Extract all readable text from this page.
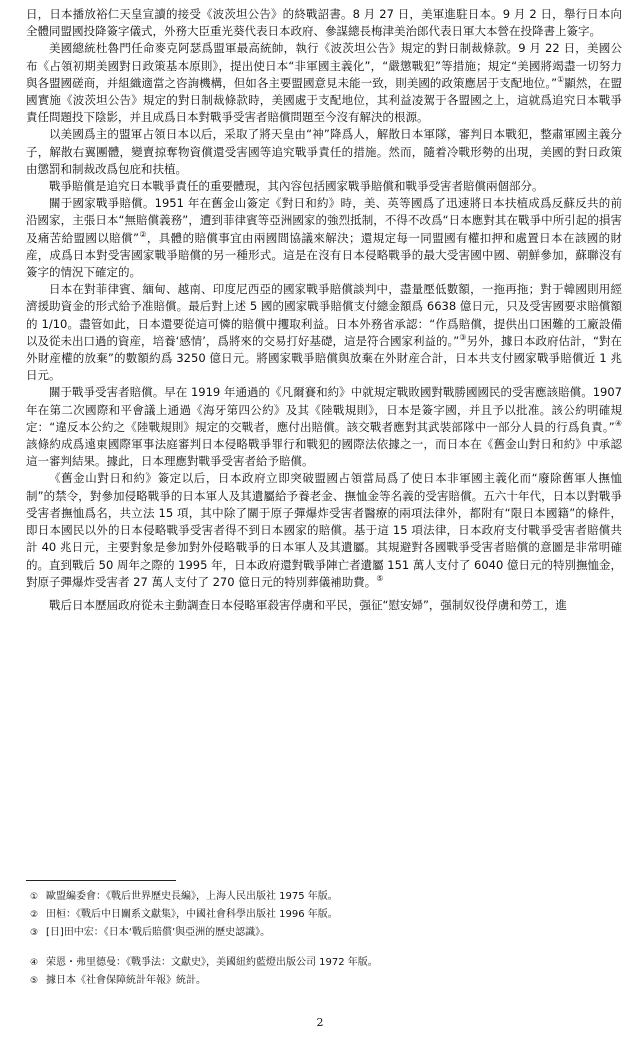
日，日本播放裕仁天皇宣讀的接受《波茨坦公告》的終戰詔書。8 月 27 日，美軍進駐日本。9 月 2 日，舉行日本向全體同盟國投降簽字儀式，外務大臣重光葵代表日本政府、參謀總長梅津美治郎代表日軍大本營在投降書上簽字。

美國總統杜魯門任命麥克阿瑟爲盟軍最高統帥，執行《波茨坦公告》規定的對日制裁條款。9 月 22 日，美國公布《占領初期美國對日政策基本原則》，提出使日本“非軍國主義化”，“嚴懲戰犯”等措施；規定“美國將竭盡一切努力與各盟國磋商，并組織適當之咨詢機構，但如各主要盟國意見未能一致，則美國的政策應居于支配地位。”①顯然，在盟國實施《波茨坦公告》規定的對日制裁條款時，美國處于支配地位，其利益凌駕于各盟國之上，這就爲追究日本戰爭責任問題投下陰影，并且成爲日本對戰爭受害者賠償問題至今沒有解決的根源。

以美國爲主的盟軍占領日本以后，采取了將天皇由“神”降爲人，解散日本軍隊，審判日本戰犯，整肅軍國主義分子，解散右翼團體，變賣掠奪物資償還受害國等追究戰爭責任的措施。然而，隨着冷戰形勢的出現，美國的對日政策由懲罰和制裁改爲包庇和扶植。

戰爭賠償是追究日本戰爭責任的重要體現，其內容包括國家戰爭賠償和戰爭受害者賠償兩個部分。

關于國家戰爭賠償。1951 年在舊金山簽定《對日和約》時，美、英等國爲了迅速將日本扶植成爲反蘇反共的前沿國家，主張日本“無賠償義務”，遭到菲律賓等亞洲國家的強烈抵制，不得不改爲“日本應對其在戰爭中所引起的損害及痛苦給盟國以賠償”②，具體的賠償事宜由兩國間協議來解決；還規定每一同盟國有權扣押和處置日本在該國的財産，成爲日本對受害國家戰爭賠償的另一種形式。這是在沒有日本侵略戰爭的最大受害國中國、朝鮮參加，蘇聯沒有簽字的情況下確定的。

日本在對菲律賓、緬甸、越南、印度尼西亞的國家戰爭賠償談判中，盡量壓低數額，一拖再拖；對于韓國則用經濟援助資金的形式給予准賠償。最后對上述 5 國的國家戰爭賠償支付總金額爲 6638 億日元，只及受害國要求賠償額的 1/10。盡管如此，日本還要從這可憐的賠償中攫取利益。日本外務省承認：“作爲賠償，提供出口困難的工廠設備以及從未出口過的資産，培養‘感情’，爲將來的交易打好基礎，這是符合國家利益的。”③另外，據日本政府估計，“對在外財産權的放棄”的數額約爲 3250 億日元。將國家戰爭賠償與放棄在外財産合計，日本共支付國家戰爭賠償近 1 兆日元。

關于戰爭受害者賠償。早在 1919 年通過的《凡爾賽和約》中就規定戰敗國對戰勝國國民的受害應該賠償。1907 年在第二次國際和平會議上通過《海牙第四公約》及其《陸戰規則》，日本是簽字國，并且予以批准。該公約明確規定：“違反本公約之《陸戰規則》規定的交戰者，應付出賠償。該交戰者應對其武裝部隊中一部分人員的行爲負責。”④該條約成爲遠東國際軍事法庭審判日本侵略戰爭罪行和戰犯的國際法依據之一，而日本在《舊金山對日和約》中承認這一審判結果。據此，日本理應對戰爭受害者給予賠償。

《舊金山對日和約》簽定以后，日本政府立即突破盟國占領當局爲了使日本非軍國主義化而“廢除舊軍人撫恤制”的禁令，對參加侵略戰爭的日本軍人及其遺屬給予養老金、撫恤金等名義的受害賠償。五六十年代，日本以對戰爭受害者撫恤爲名，共立法 15 項，其中除了關于原子彈爆炸受害者醫療的兩項法律外，都附有“限日本國籍”的條件，即日本國民以外的日本侵略戰爭受害者得不到日本國家的賠償。基于這 15 項法律，日本政府支付戰爭受害者賠償共計 40 兆日元，主要對象是參加對外侵略戰爭的日本軍人及其遺屬。其規避對各國戰爭受害者賠償的意圖是非常明確的。直到戰后 50 周年之際的 1995 年，日本政府還對戰爭陣亡者遺屬 151 萬人支付了 6040 億日元的特別撫恤金，對原子彈爆炸受害者 27 萬人支付了 270 億日元的特別葬儀補助費。⑤

戰后日本歷屆政府從未主動調查日本侵略軍殺害俘虜和平民，强征“慰安婦”，强制奴役俘虜和勞工，進

① 歐盟編委會：《戰后世界歷史長編》，上海人民出版社 1975 年版。
② 田桓：《戰后中日關系文獻集》，中國社會科學出版社 1996 年版。
③ [日]田中宏：《日本‘戰后賠償’與亞洲的歷史認識》。
④ 荣恩・弗里德曼：《戰爭法：文獻史》，美國紐約藍燈出版公司 1972 年版。
⑤ 據日本《社會保障統計年報》統計。
2
